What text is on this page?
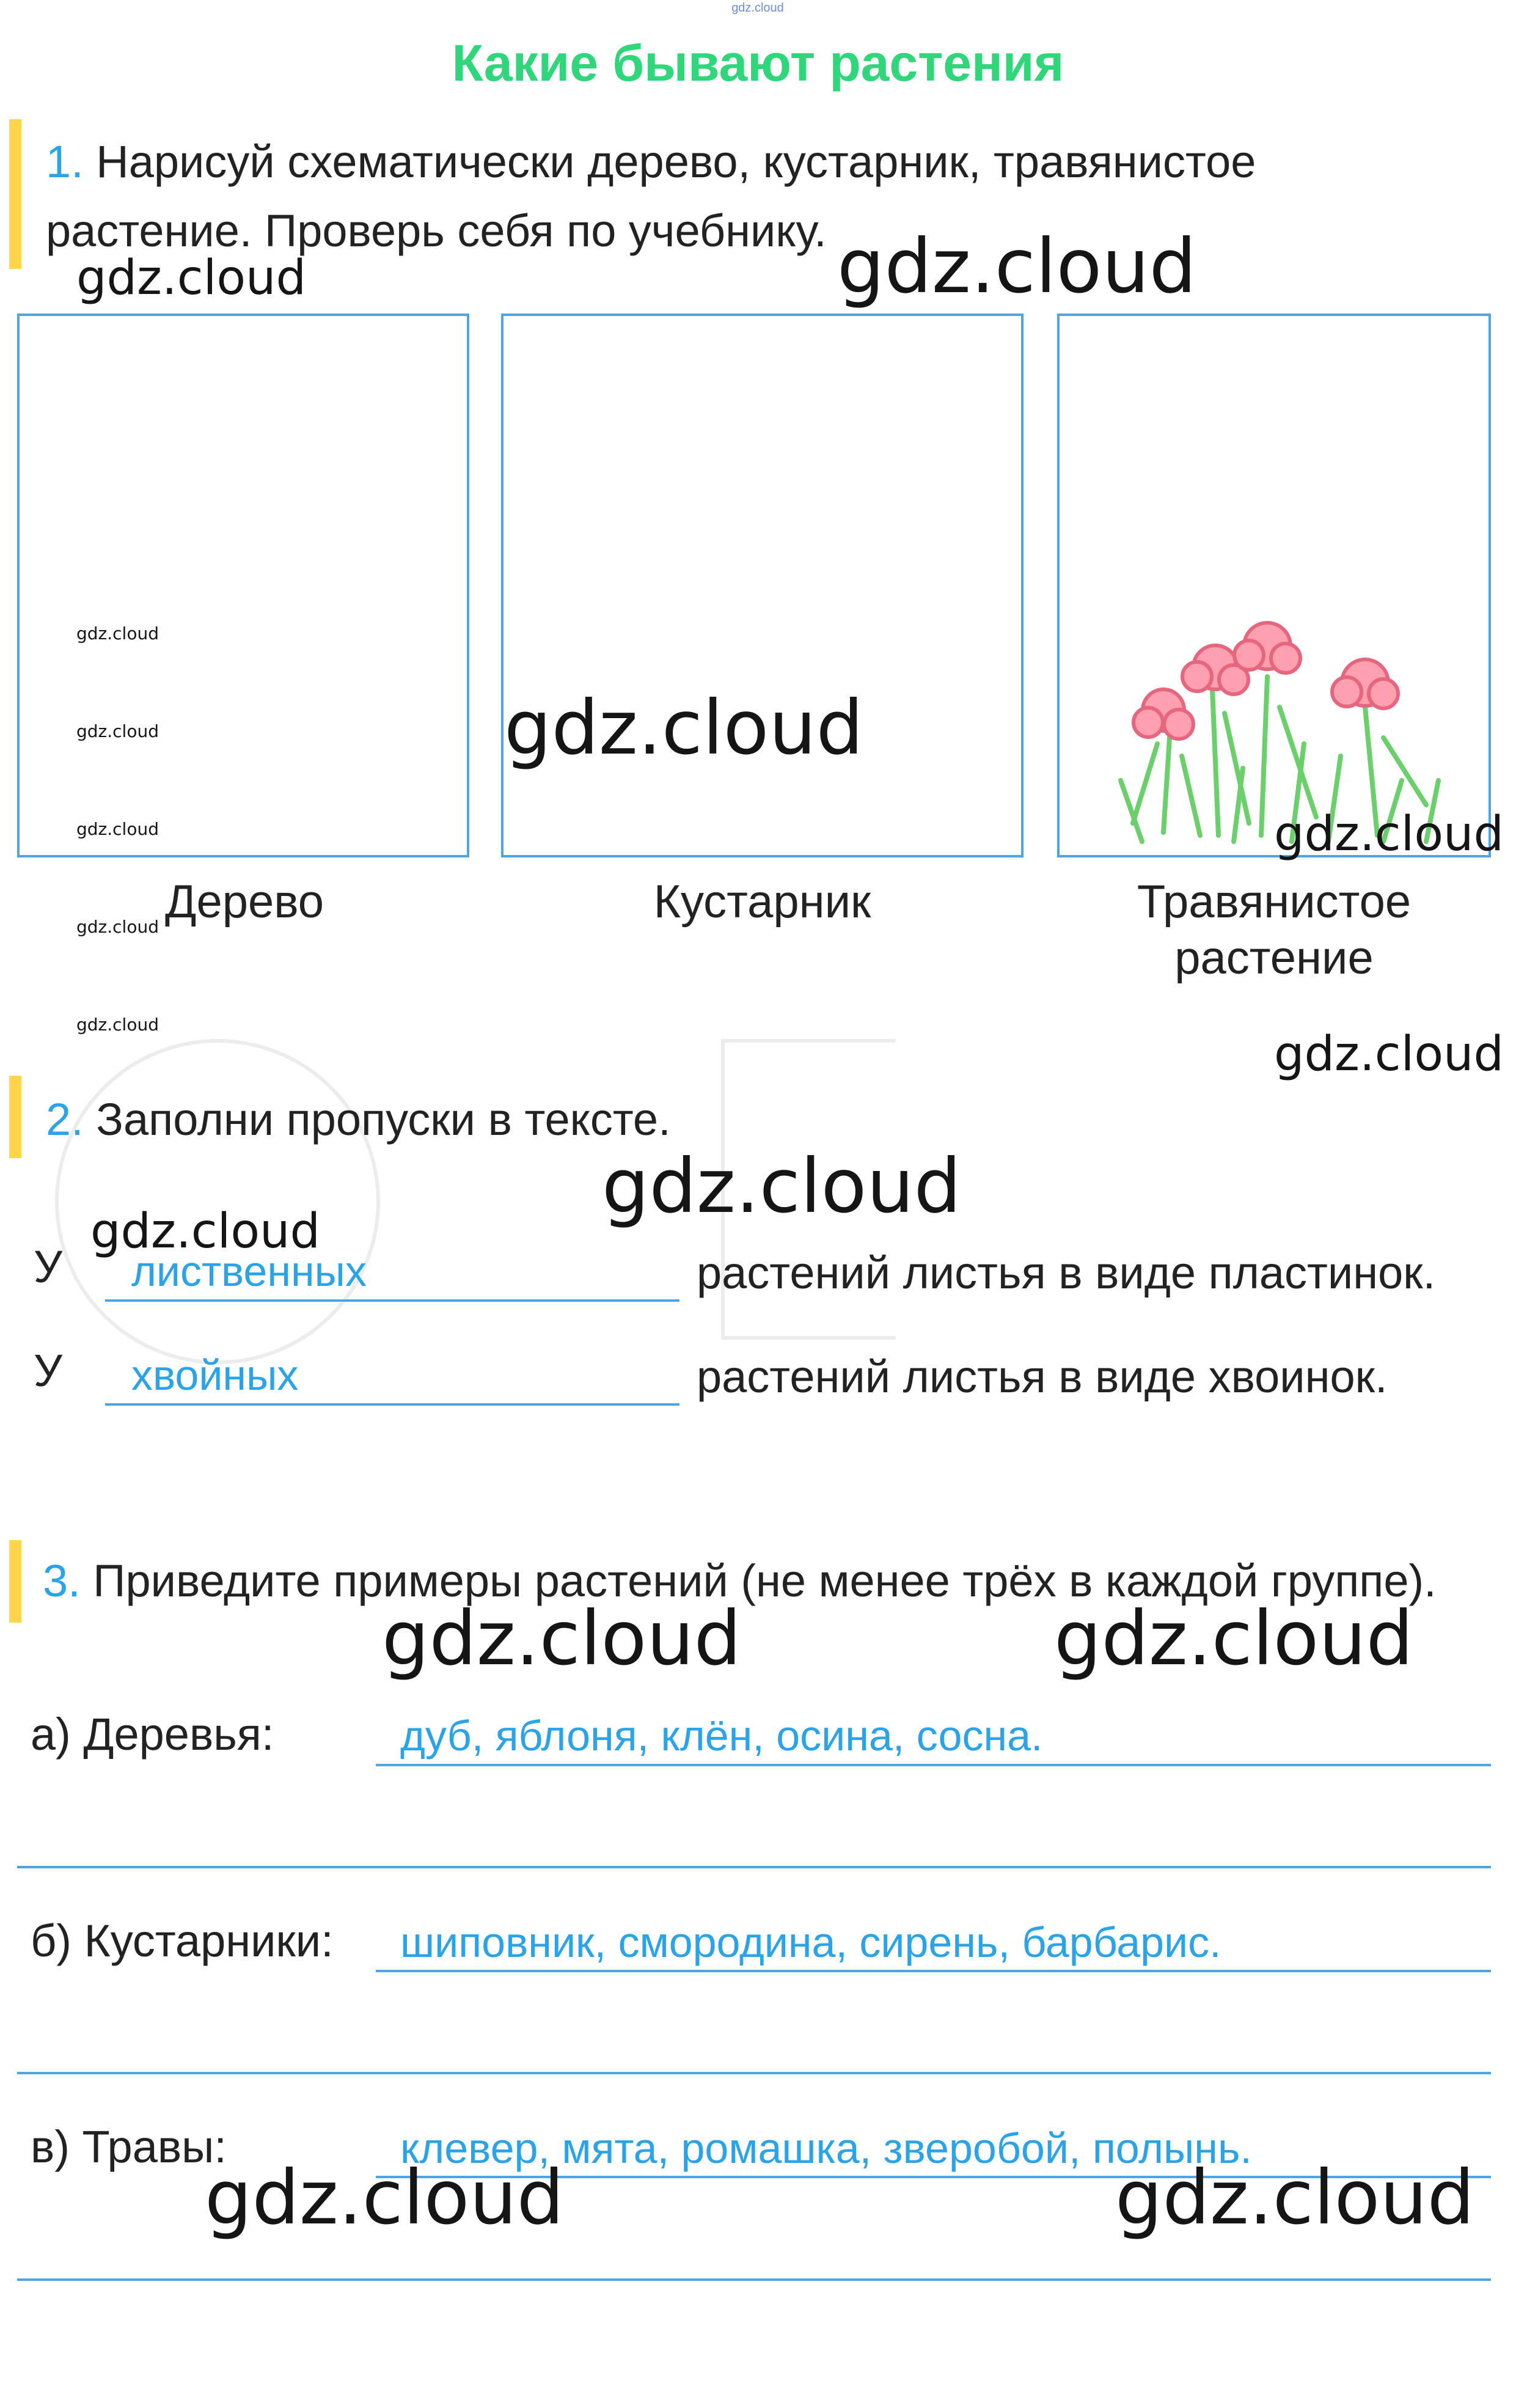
gdz.cloud
Какие бывают растения
1. Нарисуй схематически дерево, кустарник, травянистое
растение. Проверь себя по учебнику.
gdz.cloud	gdz.cloud
gdz.cloud
gdz.cloud
gdz.cloud
gdz.cloud
gdz.cloud
gdz.cloud
gdz.cloud
gdz.cloud
Дерево	Кустарник	Травянистое
растение
2. Заполни пропуски в тексте.
gdz.cloud
gdz.cloud
У лиственных	растений листья в виде пластинок.
У хвойных	растений листья в виде хвоинок.
3. Приведите примеры растений (не менее трёх в каждой группе).
gdz.cloud	gdz.cloud
а) Деревья:	дуб, яблоня, клён, осина, сосна.
б) Кустарники: шиповник, смородина, сирень, барбарис.
в) Травы:	клевер, мята, ромашка, зверобой, полынь.
gdz.cloud	gdz.cloud
